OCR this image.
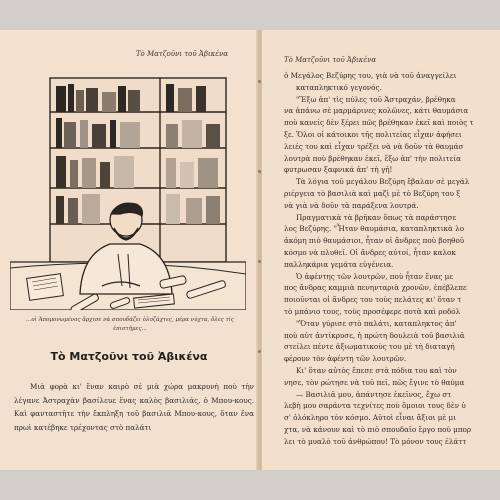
Τὸ Ματζοῦνι τοῦ Ἀβικένα
...οἱ Ἀπομονωμένος ἄρχισε νὰ σπουδάζει ὁλοζάχτες, μέρα νύχτα, ὅλες τὶς ἐπιστῆμες...
Τὸ Ματζοῦνι τοῦ Ἀβικένα

Μιὰ φορὰ κι' ἕναν καιρὸ σὲ μιὰ χώρα μακρυνὴ ποὺ τὴν λέγανε Ἀστραχὰν βασίλευε ἕνας καλὸς βασιλιάς, ὁ Μπου-κους. Καὶ φανταστῆτε τὴν ἔκπληξη τοῦ βασιλιᾶ Μπου-κους, ὅταν ἕνα πρωὶ κατέβηκε τρέχοντας στὸ παλάτι

Τὸ Ματζοῦνι τοῦ Ἀβικένα
ὁ Μεγάλος Βεζύρης του, γιὰ νὰ τοῦ ἀναγγείλει
καταπληκτικό γεγονός.
"Ἔξω ἀπ' τὶς πύλες τοῦ Ἀστραχάν, βρέθηκα
να ἀπάνω σὲ μαρμάρινες κολῶνες, κάτι θαυμάσια
ποὺ κανείς δὲν ξέρει πῶς βρέθηκαν ἐκεῖ καὶ ποιὸς τ
ξε. Ὅλοι οἱ κάτοικοι τῆς πολιτείας εἶχαν ἀφήσει
λειές του καὶ εἶχαν τρέξει νὰ νὰ δοῦν τὰ θαυμάσ
λουτρὰ ποὺ βρέθηκαν ἐκεῖ, ἔξω ἀπ' τὴν πολιτεία
φυτρωσαν ξαφνικά ἀπ' τὴ γῆ!
Τὰ λόγια τοῦ μεγάλου Βεζύρη ἔβαλαν σὲ μεγάλ
ριέργεια τὸ βασιλιὰ καὶ μαζὶ μὲ τὸ Βεζύρη του ξ
νὰ γιὰ νὰ δοῦν τὰ παράξενα λουτρά.
Πραγματικὰ τὰ βρῆκαν ὅπως τὰ παράστησε
λος Βεζύρης. "Ἦταν θαυμάσια, καταπληκτικὰ λο
ἀκόμη πιὸ θαυμάσιοι, ἦταν οἱ ἄνδρες ποὺ βοηθοῦ
κόσμο νὰ πλυθεῖ. Οἱ ἄνδρες αὐτοί, ἦταν καλοκ
παλληκάρια γεμάτα εὐγένεια.
Ὁ ἀφέντης τῶν λουτρῶν, ποὺ ἦταν ἕνας με
πος ἄνδρας καμμιὰ πενηνταριὰ χρονῶν, ἐπέβλεπε
ποιοῦνται οἱ ἄνδρες του τοὺς πελάτες κι' ὅταν τ
τὸ μπάνιο τους, τοὺς προσέφερε ποτὰ καὶ ροδόλ
"Ὅταν γύρισε στὸ παλάτι, καταπληκτος ἀπ'
ποὺ αὐτ ἀντίκρυσε, ἡ πρώτη δουλειὰ τοῦ βασιλιᾶ
στείλει πέντε ἀξιωματικοὺς του μὲ τὴ διαταγή
φέρουν τὸν ἀφέντη τῶν λουτρῶν.
Κι' ὅταν αὐτὸς ἔπεσε στὰ πόδια του καὶ τὸν
νησε, τὸν ρώτησε νὰ τοῦ πεῖ, πῶς ἔγινε τὸ θαύμα
— Βασιλιᾶ μου, ἀπάντησε ἐκεῖνος, ἔχω στ
λεβὴ μου σαράντα τεχνίτες ποὺ ὅμοιοι τους δὲν ὑ
σ' ὁλόκληρο τὸν κόσμο. Αὐτοὶ εἶναι ἄξιοι μὲ μι
χτα, νὰ κάνουν καὶ τὸ πιὸ σπουδαῖο ἔργο ποὺ μπορ
λει τὸ μυαλὸ τοῦ ἀνθρώπου! Τὸ μόνον τους ἐλάττ
